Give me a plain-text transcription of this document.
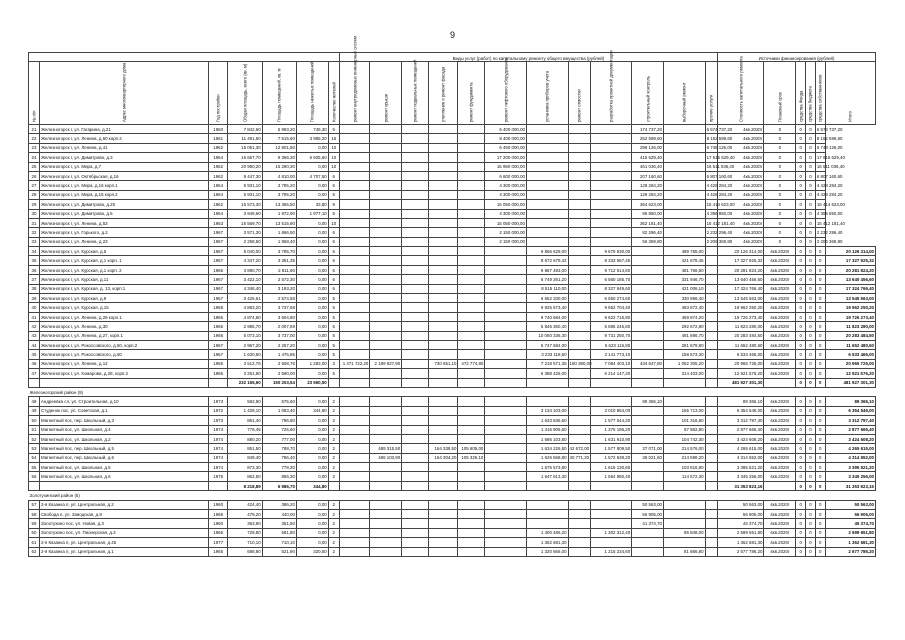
9
							Виды услуг (работ) по капитальному ремонту общего имущества (рублей)												Источники финансирования (рублей)					

№ п/п	Адрес многоквартирного дома	Год постройки	Общая площадь, всего (кв. м)	Площадь помещений, кв. м	Площадь нежилых помещений	Количество жителей	ремонт внутридомовых инженерных систем	ремонт крыши	ремонт подвальных помещений	утепление и ремонт фасада	ремонт фундамента	ремонт лифтового оборудования	установка приборов учета	ремонт отмостки	разработка проектной документации	строительный контроль	выборочный ремонт	прочие услуги	Стоимость капитального ремонта	Плановый срок	средства Фонда	средства бюджета	средства собственников	Итого

21	Железногорск г, ул. Гагарина, д.21	1960	7 842,60	5 993,20	745,30	6						6 400 000,00				174 737,20		6 574 737,20	4кв.2020г	0	0	0	6 574 737,20	
22	Железногорск г, ул. Ленина, д.50 корп.2	1961	11 491,60	7 515,60	3 985,20	15						8 400 000,00				252 599,60		8 152 599,60	4кв.2020г	0	0	0	8 152 599,60	
23	Железногорск г, ул. Ленина, д.41	1962	15 051,30	12 801,50	0,00	10						6 450 000,00				298 126,00		6 748 126,00	4кв.2020г	0	0	0	6 748 126,00	
24	Железногорск г, ул. Димитрова, д.3	1964	16 667,70	9 366,30	6 925,60	10						17 200 000,00				415 629,40		17 615 629,40	4кв.2020г	0	0	0	17 615 629,40	
25	Железногорск г, ул. Мира, д.7	1962	20 950,20	15 290,30	0,00	10						15 950 000,00				461 036,40		16 511 036,40	4кв.2020г	0	0	0	16 511 036,40	
26	Железногорск г, ул. Октябрьская, д.16	1962	9 447,30	4 810,00	4 707,50	6						6 600 000,00				207 160,60		6 807 160,60	4кв.2020г	0	0	0	6 807 160,60	
27	Железногорск г, ул. Мира, д.16 корп.1	1964	5 931,10	3 795,20	0,00	6						4 300 000,00				128 284,20		4 428 284,20	4кв.2020г	0	0	0	4 428 284,20	
28	Железногорск г, ул. Мира, д.16 корп.2	1964	5 931,10	3 795,20	0,00	6						4 300 000,00				128 284,20		4 428 284,20	4кв.2020г	0	0	0	4 428 284,20	
29	Железногорск г, ул. Димитрова, д.25	1962	15 573,30	13 365,50	33,80	9						15 050 000,00				364 623,00		15 414 623,00	4кв.2020г	0	0	0	15 414 623,00	
30	Железногорск г, ул. Димитрова, д.5	1964	3 949,60	1 972,90	1 977,10	6						4 300 000,00				96 850,00		4 396 850,00	4кв.2020г	0	0	0	4 396 850,00	
31	Железногорск г, ул. Ленина, д.53	1963	16 569,70	13 515,90	0,00	10						15 050 000,00				362 181,40		15 412 181,40	4кв.2020г	0	0	0	15 412 181,40	
32	Железногорск г, ул. Горького, д.2	1967	3 571,30	1 866,50	0,00	6						2 150 000,00				82 296,40		2 232 296,40	4кв.2020г	0	0	0	2 232 296,40	
33	Железногорск г, ул. Ленина, д.23	1967	2 258,50	1 958,40	0,00	6						2 150 000,00				56 369,80		2 206 369,80	4кв.2020г	0	0	0	2 206 369,80	
34	Железногорск г, ул. Курская, д.5	1967	5 040,00	3 795,70	0,00	6							9 866 629,00		9 679 630,00		489 755,00		20 126 314,00	4кв.2020г	0	0	0	20 126 314,00
35	Железногорск г, ул. Курская, д.1 корп. 1	1967	4 347,20	3 351,35	0,00	6							8 672 679,42		8 333 567,45		421 678,45		17 327 925,32	4кв.2020г	0	0	0	17 327 925,32
36	Железногорск г, ул. Курская, д.1 корп. 2	1966	3 890,70	2 811,60	0,00	6							9 887 483,00		9 712 614,60		481 766,60		20 281 824,20	4кв.2020г	0	0	0	20 281 824,20
37	Железногорск г, ул. Курская, д.11	1967	3 422,10	2 572,30	0,00	6							6 749 261,20		6 560 185,70		331 946,70		13 640 456,60	4кв.2020г	0	0	0	13 640 456,60
38	Железногорск г, ул. Курская, д. 13, корп.1	1967	4 348,40	3 193,20	0,00	6							8 515 110,00		8 327 649,60		421 006,10		17 324 766,40	4кв.2020г	0	0	0	17 324 766,40
39	Железногорск г, ул. Курская, д.9	1967	3 425,61	2 574,58	0,00	5							6 652 330,00		6 560 274,60		330 958,40		13 545 563,00	4кв.2020г	0	0	0	13 545 563,00
40	Железногорск г, ул. Курская, д.15	1968	4 883,20	3 737,68	0,00	5							9 825 673,40		9 652 704,40		483 872,40		19 962 250,20	4кв.2020г	0	0	0	19 962 250,20
41	Железногорск г, ул. Ленина, д.29 корп.1	1966	4 874,60	3 604,80	0,00	5							9 740 684,00		9 622 716,80		469 874,20		19 726 273,40	4кв.2020г	0	0	0	19 726 273,40
42	Железногорск г, ул. Ленина, д.30	1966	2 985,70	2 007,69	0,00	5							5 845 360,40		5 685 245,80		292 672,80		11 823 280,00	4кв.2020г	0	0	0	11 823 280,00
43	Железногорск г, ул. Ленина, д.27, корп.1	1966	5 073,10	3 737,00	0,00	5							10 060 336,30		9 731 250,70		491 896,70		20 283 484,50	4кв.2020г	0	0	0	20 283 484,50
44	Железногорск г, ул. Рокоссовского, д.50, корп.2	1967	2 967,20	2 257,20	0,00	5							5 747 684,00		5 623 116,80		281 679,80		11 652 480,60	4кв.2020г	0	0	0	11 652 480,60
45	Железногорск г, ул. Рокоссовского, д.60	1967	1 630,60	1 476,85	0,00	5							3 233 118,60		3 141 773,10		158 573,30		6 533 465,00	4кв.2020г	0	0	0	6 533 465,00
46	Железногорск г, ул. Ленина, д.12	1966	3 512,76	2 508,76	1 283,00	3	1 471 722,20	2 189 927,90		730 651,10	472 774,80		7 218 571,35	160 380,00	7 084 403,10	434 647,80	1 052 305,20		20 965 725,00	4кв.2020г	0	0	0	20 965 725,00
47	Железногорск г, ул. Комарова, д.28, корп.2	1966	3 251,90	2 590,00	0,00	5							6 388 426,00		6 214 147,20		314 403,00		12 921 576,20	4кв.2020г	0	0	0	12 921 576,20
			232 165,60	150 203,54	23 560,50														481 927 301,30		0	0	0	481 927 301,30
Железногорский район (9)																								
48	Андреевка сл, ул. Строительная, д.10	1973	582,90	575,60	0,00	2										89 365,10			89 365,10	4кв.2020г	0	0	0	89 365,10
49	Студенок пос, ул. Советская, д.1	1972	1 428,10	1 083,40	344,80	2							3 134 103,00		3 010 864,00		165 713,00		6 354 546,00	4кв.2020г	0	0	0	6 354 546,00
50	Магнитный пос, пер. Школьный, д.3	1973	851,40	796,80	0,00	2							1 633 836,60		1 577 644,20		101 316,80		3 312 797,40	4кв.2020г	0	0	0	3 312 797,40
51	Магнитный пос, ул. Школьная, д.4	1974	779,45	725,60	0,00	2							1 416 906,60		1 375 196,20		87 582,80		2 877 665,40	4кв.2020г	0	0	0	2 877 665,40
52	Магнитный пос, ул. Школьная, д.2	1974	880,20	777,00	0,00	2							1 686 103,80		1 631 910,90		104 742,30		3 424 608,20	4кв.2020г	0	0	0	3 424 608,20
53	Магнитный пос, пер. Школьный, д.5	1974	851,50	788,70	0,00	2		489 315,50		164 339,50	105 605,00		1 634 226,50	42 672,00	1 577 809,50	37 071,00	214 576,00		4 265 615,00	4кв.2020г	0	0	0	4 265 615,00
54	Магнитный пос, пер. Школьный, д.6	1974	849,40	786,40	0,00	2		486 103,90		164 304,20	105 326,10		1 626 568,80	40 771,20	1 572 638,20	36 021,60	214 598,20		4 314 652,00	4кв.2020г	0	0	0	4 314 652,00
55	Магнитный пос, ул. Школьная, д.5	1974	873,30	779,30	0,00	2							1 675 573,80		1 616 130,60		103 816,80		3 395 521,20	4кв.2020г	0	0	0	3 395 521,20
56	Магнитный пос, ул. Школьная, д.6	1975	862,50	856,30	0,00	2							1 647 613,30		1 584 980,40		114 572,30		3 345 256,00	4кв.2020г	0	0	0	3 345 256,00
			8 218,89	6 986,70	344,80														31 353 823,16		0	0	0	31 353 823,16
Золотухинский район (6)																								
57	2-я Казанка п, ул. Центральная, д.2	1960	424,40	386,20	0,00	2										50 563,00			50 563,00	4кв.2020г	0	0	0	50 563,00
58	Свобода п, ул. Заводская, д.9	1968	479,20	440,00	0,00	2										56 905,00			56 905,00	4кв.2020г	0	0	0	56 905,00
59	Золотухино пос, ул. Новая, д.3	1960	363,90	351,50	0,00	2										41 374,70			45 374,70	4кв.2020г	0	0	0	45 374,70
60	Золотухино пос, ул. Пионерская, д.3	1965	728,80	581,80	0,00	2							1 400 486,20		1 302 312,40		86 848,00		2 699 651,80	4кв.2020г	0	0	0	2 699 651,80
61	2-я Казанка п, ул. Центральная, д.45	1977	710,10	710,10	0,00	2							1 362 681,30						1 362 681,30	4кв.2020г	0	0	0	1 362 681,30
62	2-я Казанка п, ул. Центральная, д.1	1965	688,80	521,90	320,50	2							1 320 666,00		1 215 234,60		81 886,80		2 677 786,20	4кв.2020г	0	0	0	2 677 786,20
